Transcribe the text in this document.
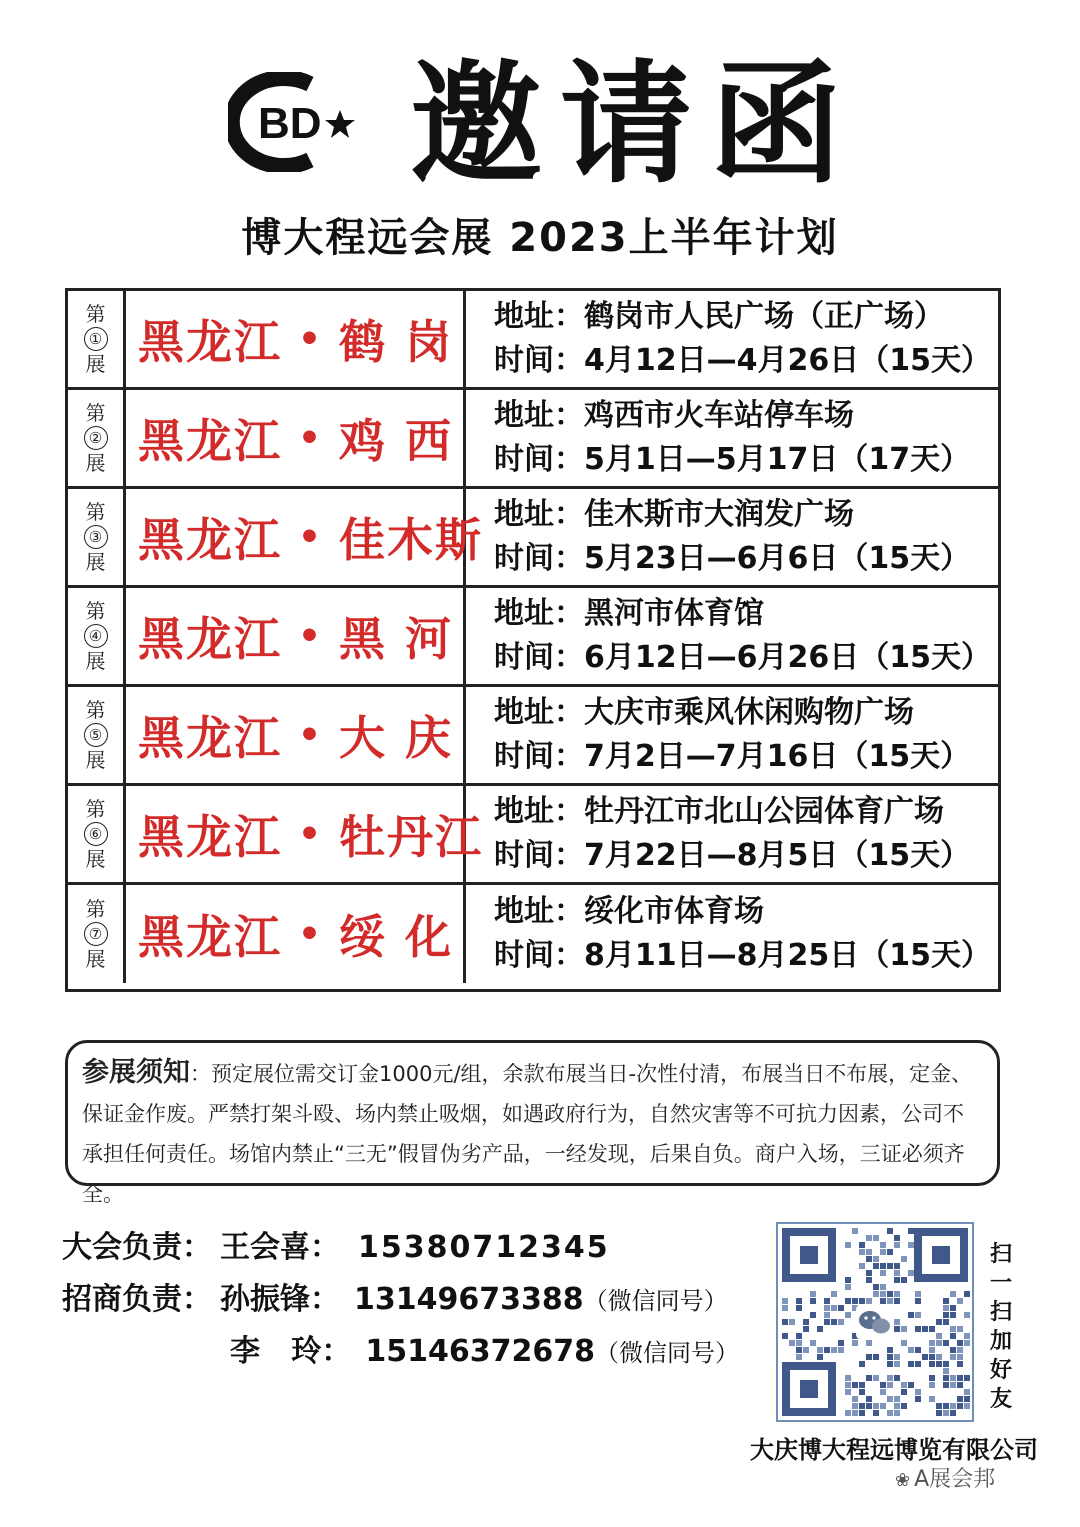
BD 邀请函
博大程远会展 2023上半年计划
第
①
展 黑龙江 • 鹤 岗 地址：鹤岗市人民广场（正广场）
时间：4月12日—4月26日（15天）
第
②
展 黑龙江 • 鸡 西 地址：鸡西市火车站停车场
时间：5月1日—5月17日（17天）
第
③
展 黑龙江 • 佳木斯 地址：佳木斯市大润发广场
时间：5月23日—6月6日（15天）
第
④
展 黑龙江 • 黑 河 地址：黑河市体育馆
时间：6月12日—6月26日（15天）
第
⑤
展 黑龙江 • 大 庆 地址：大庆市乘风休闲购物广场
时间：7月2日—7月16日（15天）
第
⑥
展 黑龙江 • 牡丹江 地址：牡丹江市北山公园体育广场
时间：7月22日—8月5日（15天）
第
⑦
展 黑龙江 • 绥 化 地址：绥化市体育场
时间：8月11日—8月25日（15天）
参展须知：预定展位需交订金1000元/组，余款布展当日-次性付清，布展当日不布展，定金、保证金作废。严禁打架斗殴、场内禁止吸烟，如遇政府行为，自然灾害等不可抗力因素，公司不承担任何责任。场馆内禁止“三无”假冒伪劣产品，一经发现，后果自负。商户入场，三证必须齐全。
大会负责： 王会喜： 15380712345
招商负责： 孙振锋： 13149673388（微信同号）
李   玲： 15146372678（微信同号）
扫一扫加好友
大庆博大程远博览有限公司
❀ A展会邦
